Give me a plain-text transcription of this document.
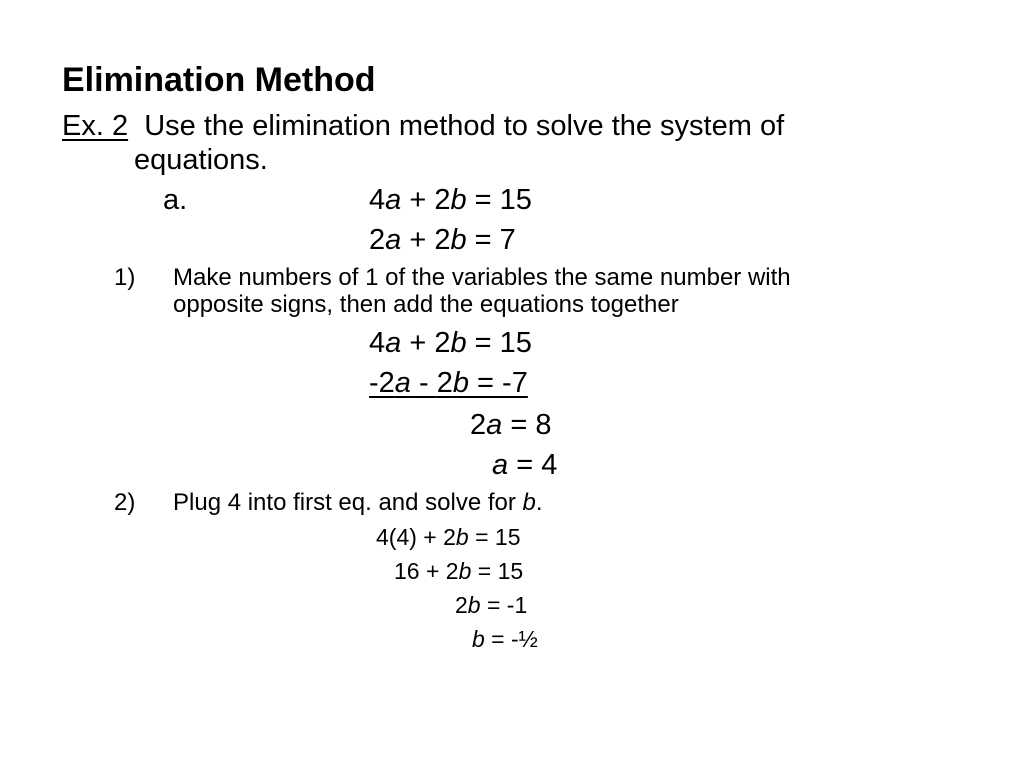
Elimination Method
Ex. 2 Use the elimination method to solve the system of
equations.
a.	4a + 2b = 15
2a + 2b = 7
1) Make numbers of 1 of the variables the same number with
opposite signs, then add the equations together
4a + 2b = 15
-2a - 2b = -7
2a = 8
a = 4
2) Plug 4 into first eq. and solve for b.
4(4) + 2b = 15
16 + 2b = 15
2b = -1
b = -½
